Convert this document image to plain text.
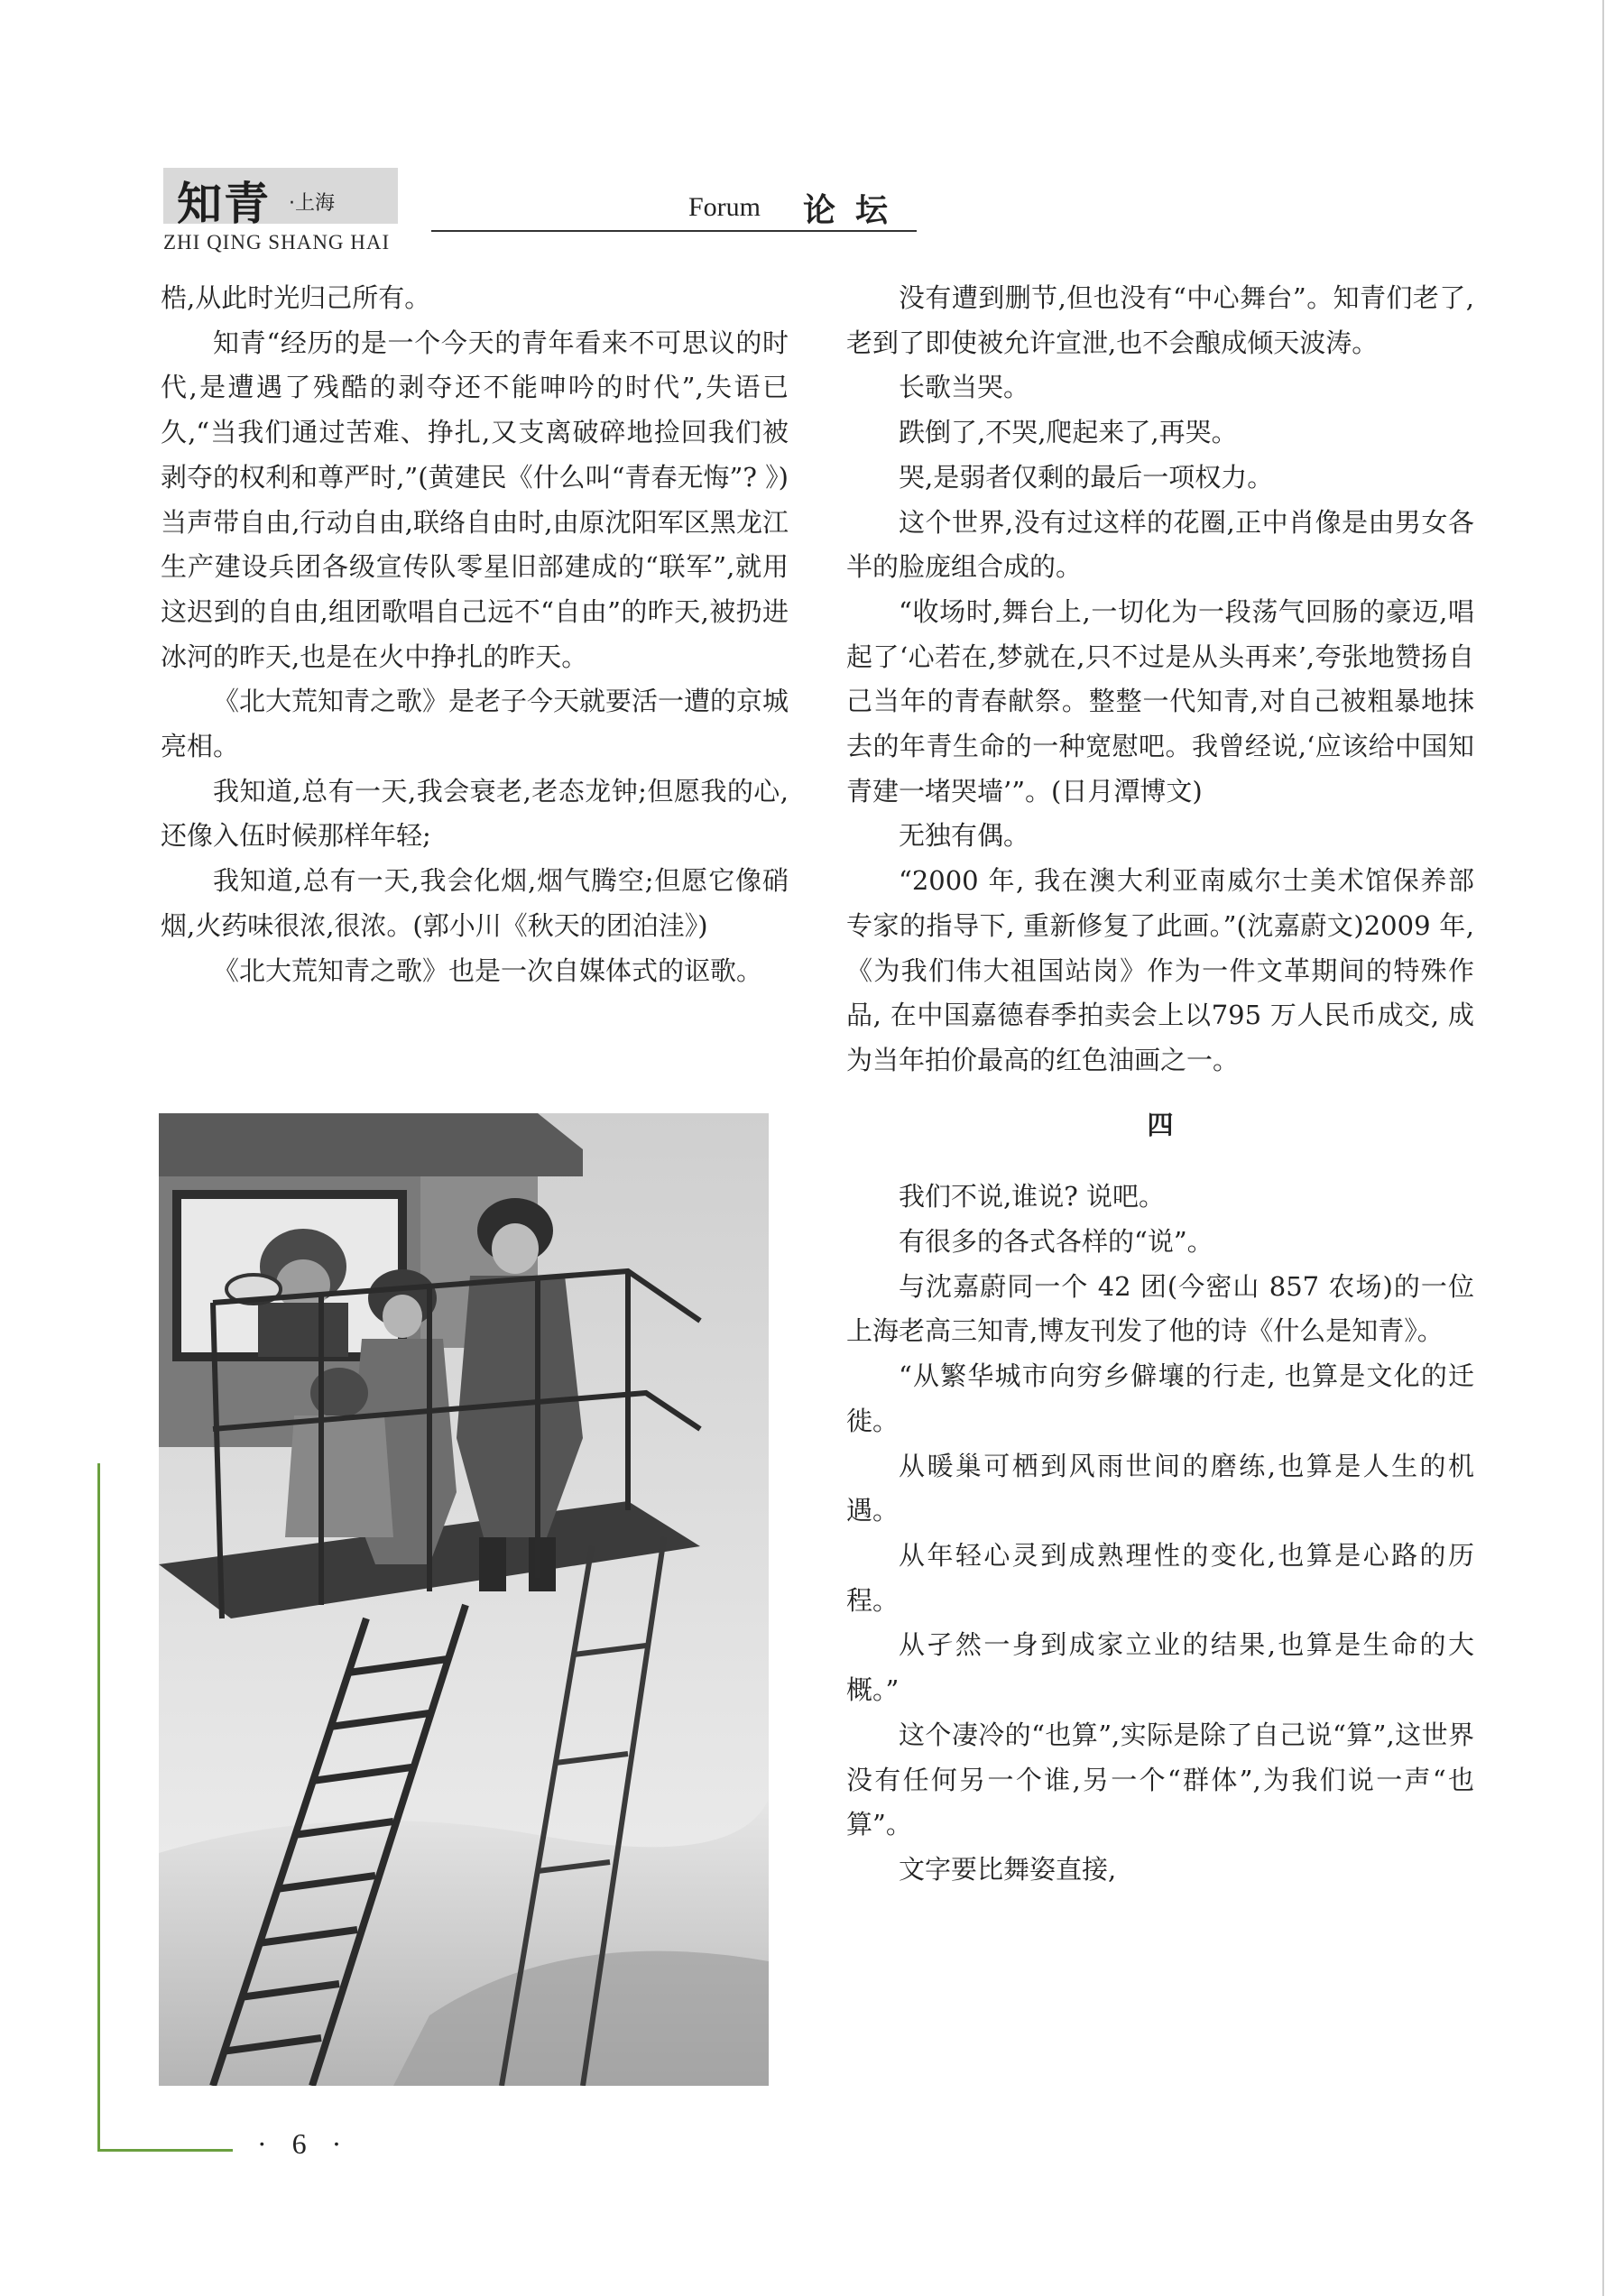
知青 ·上海
ZHI QING SHANG HAI
Forum 论坛

梏,从此时光归己所有。

知青“经历的是一个今天的青年看来不可思议的时代,是遭遇了残酷的剥夺还不能呻吟的时代”,失语已久,“当我们通过苦难、挣扎,又支离破碎地捡回我们被剥夺的权利和尊严时,”(黄建民《什么叫“青春无悔”? 》)当声带自由,行动自由,联络自由时,由原沈阳军区黑龙江生产建设兵团各级宣传队零星旧部建成的“联军”,就用这迟到的自由,组团歌唱自己远不“自由”的昨天,被扔进冰河的昨天,也是在火中挣扎的昨天。

《北大荒知青之歌》是老子今天就要活一遭的京城亮相。

我知道,总有一天,我会衰老,老态龙钟;但愿我的心,还像入伍时候那样年轻;

我知道,总有一天,我会化烟,烟气腾空;但愿它像硝烟,火药味很浓,很浓。(郭小川《秋天的团泊洼》)

《北大荒知青之歌》也是一次自媒体式的讴歌。

没有遭到删节,但也没有“中心舞台”。知青们老了,老到了即使被允许宣泄,也不会酿成倾天波涛。

长歌当哭。

跌倒了,不哭,爬起来了,再哭。

哭,是弱者仅剩的最后一项权力。

这个世界,没有过这样的花圈,正中肖像是由男女各半的脸庞组合成的。

“收场时,舞台上,一切化为一段荡气回肠的豪迈,唱起了‘心若在,梦就在,只不过是从头再来’,夸张地赞扬自己当年的青春献祭。整整一代知青,对自己被粗暴地抹去的年青生命的一种宽慰吧。我曾经说,‘应该给中国知青建一堵哭墙’”。(日月潭博文)

无独有偶。

“2000 年, 我在澳大利亚南威尔士美术馆保养部专家的指导下, 重新修复了此画。”(沈嘉蔚文)2009 年,《为我们伟大祖国站岗》作为一件文革期间的特殊作品, 在中国嘉德春季拍卖会上以795 万人民币成交, 成为当年拍价最高的红色油画之一。

四

我们不说,谁说? 说吧。

有很多的各式各样的“说”。

与沈嘉蔚同一个 42 团(今密山 857 农场)的一位上海老高三知青,博友刊发了他的诗《什么是知青》。

“从繁华城市向穷乡僻壤的行走, 也算是文化的迁徙。

从暖巢可栖到风雨世间的磨练,也算是人生的机遇。

从年轻心灵到成熟理性的变化,也算是心路的历程。

从孑然一身到成家立业的结果,也算是生命的大概。”

这个凄冷的“也算”,实际是除了自己说“算”,这世界没有任何另一个谁,另一个“群体”,为我们说一声“也算”。

文字要比舞姿直接,

· 6 ·
